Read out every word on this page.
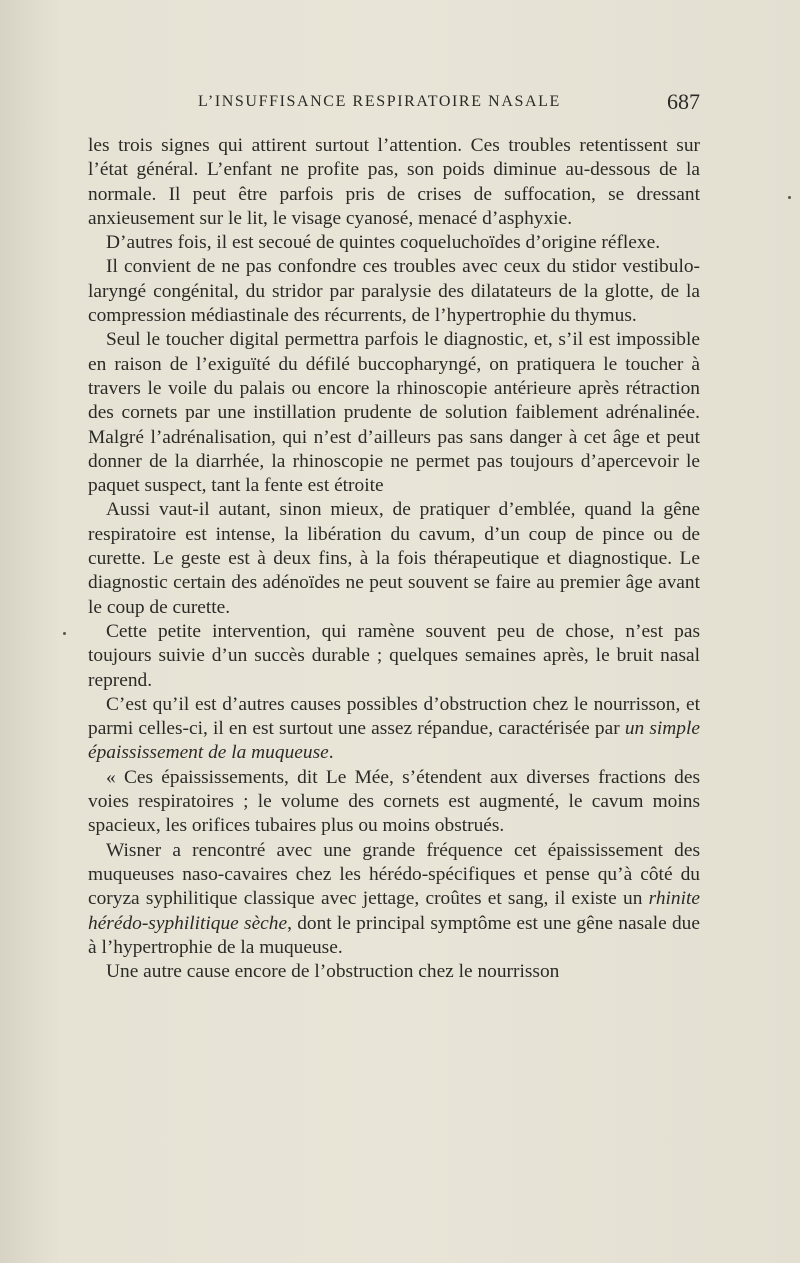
L’INSUFFISANCE RESPIRATOIRE NASALE	687

les trois signes qui attirent surtout l’attention. Ces troubles retentissent sur l’état général. L’enfant ne profite pas, son poids diminue au-dessous de la normale. Il peut être parfois pris de crises de suffocation, se dressant anxieusement sur le lit, le visage cyanosé, menacé d’asphyxie.

D’autres fois, il est secoué de quintes coqueluchoïdes d’origine réflexe.

Il convient de ne pas confondre ces troubles avec ceux du stidor vestibulo-laryngé congénital, du stridor par paralysie des dilatateurs de la glotte, de la compression médiastinale des récurrents, de l’hypertrophie du thymus.

Seul le toucher digital permettra parfois le diagnostic, et, s’il est impossible en raison de l’exiguïté du défilé buccopharyngé, on pratiquera le toucher à travers le voile du palais ou encore la rhinoscopie antérieure après rétraction des cornets par une instillation prudente de solution faiblement adrénalinée. Malgré l’adrénalisation, qui n’est d’ailleurs pas sans danger à cet âge et peut donner de la diarrhée, la rhinoscopie ne permet pas toujours d’apercevoir le paquet suspect, tant la fente est étroite

Aussi vaut-il autant, sinon mieux, de pratiquer d’emblée, quand la gêne respiratoire est intense, la libération du cavum, d’un coup de pince ou de curette. Le geste est à deux fins, à la fois thérapeutique et diagnostique. Le diagnostic certain des adénoïdes ne peut souvent se faire au premier âge avant le coup de curette.

Cette petite intervention, qui ramène souvent peu de chose, n’est pas toujours suivie d’un succès durable ; quelques semaines après, le bruit nasal reprend.

C’est qu’il est d’autres causes possibles d’obstruction chez le nourrisson, et parmi celles-ci, il en est surtout une assez répandue, caractérisée par un simple épaississement de la muqueuse.

« Ces épaississements, dit Le Mée, s’étendent aux diverses fractions des voies respiratoires ; le volume des cornets est augmenté, le cavum moins spacieux, les orifices tubaires plus ou moins obstrués.

Wisner a rencontré avec une grande fréquence cet épaississement des muqueuses naso-cavaires chez les hérédo-spécifiques et pense qu’à côté du coryza syphilitique classique avec jettage, croûtes et sang, il existe un rhinite hérédo-syphilitique sèche, dont le principal symptôme est une gêne nasale due à l’hypertrophie de la muqueuse.

Une autre cause encore de l’obstruction chez le nourrisson
